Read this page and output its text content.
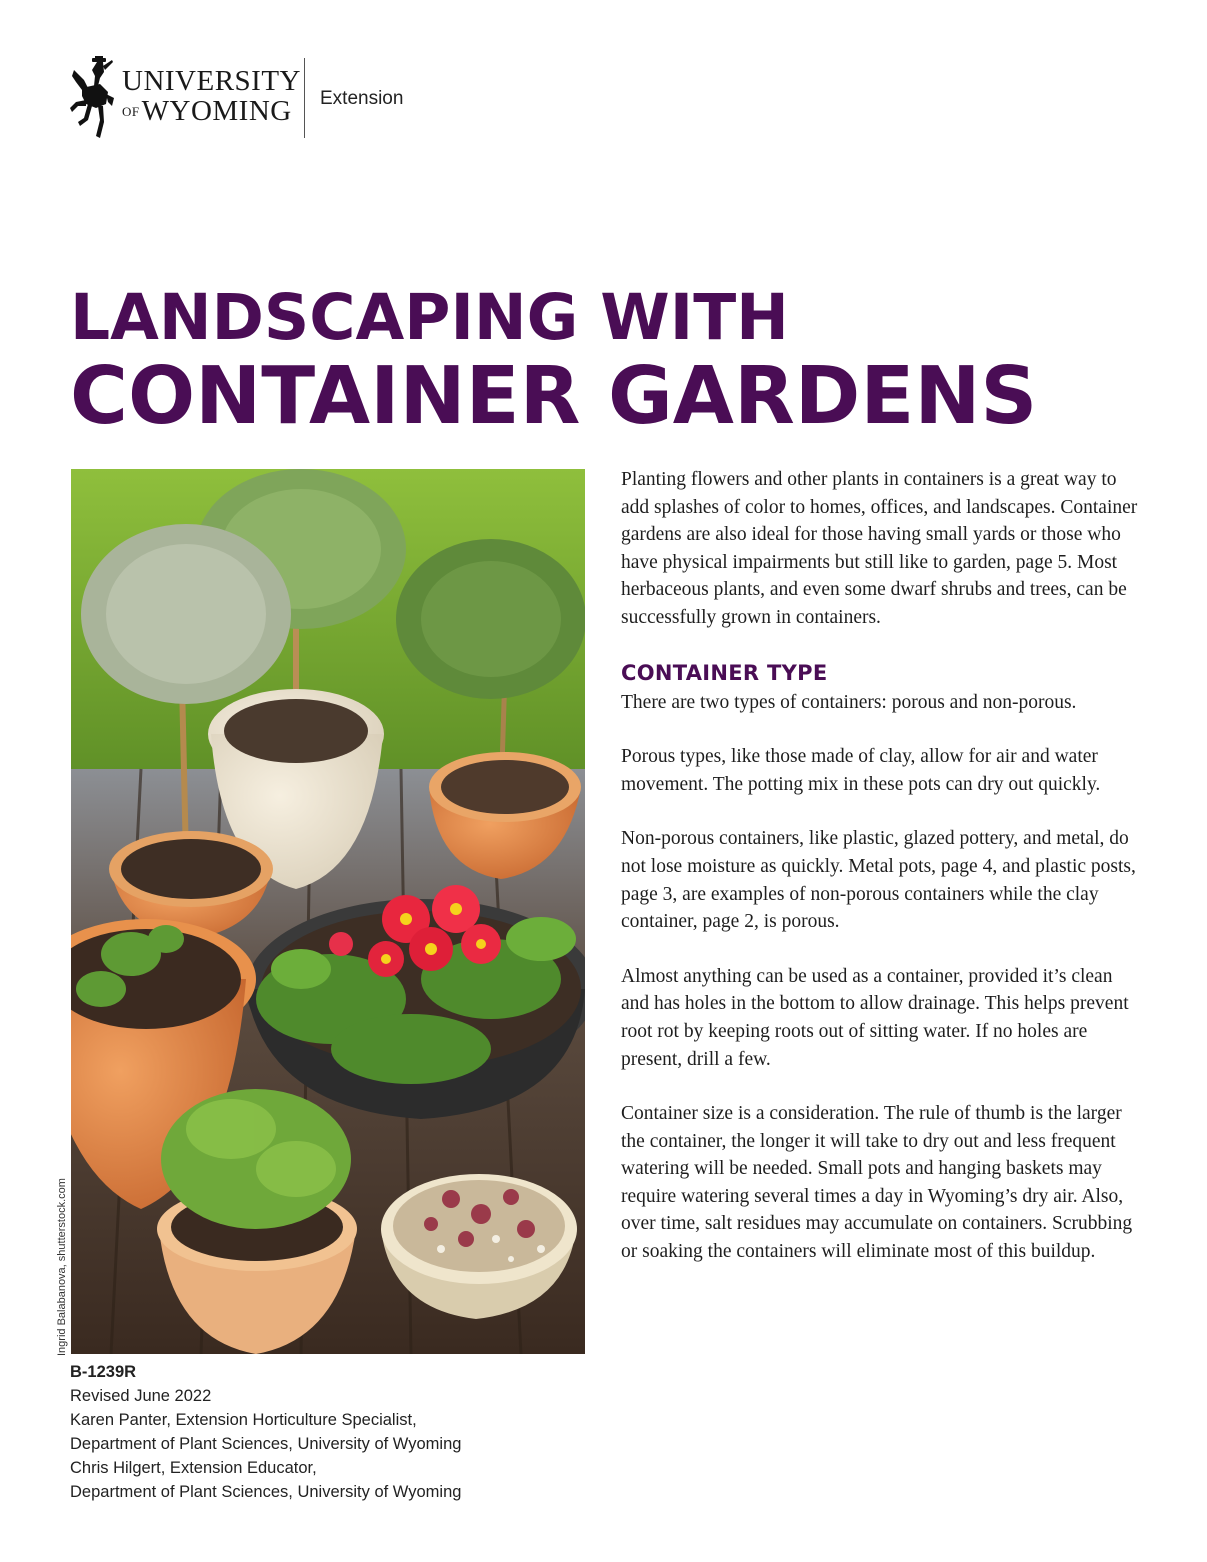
UNIVERSITY
OFWYOMING	Extension
LANDSCAPING WITH
CONTAINER GARDENS
Ingrid Balabanova, shutterstock.com
B-1239R
Revised June 2022
Karen Panter, Extension Horticulture Specialist,
Department of Plant Sciences, University of Wyoming
Chris Hilgert, Extension Educator,
Department of Plant Sciences, University of Wyoming

Planting flowers and other plants in containers is a great way to add splashes of color to homes, offices, and landscapes. Container gardens are also ideal for those having small yards or those who have physical impairments but still like to garden, page 5. Most herbaceous plants, and even some dwarf shrubs and trees, can be successfully grown in containers.

CONTAINER TYPE

There are two types of containers: porous and non-porous.

Porous types, like those made of clay, allow for air and water movement. The potting mix in these pots can dry out quickly.

Non-porous containers, like plastic, glazed pottery, and metal, do not lose moisture as quickly. Metal pots, page 4, and plastic posts, page 3, are examples of non-porous containers while the clay container, page 2, is porous.

Almost anything can be used as a container, provided it’s clean and has holes in the bottom to allow drainage. This helps prevent root rot by keeping roots out of sitting water. If no holes are present, drill a few.

Container size is a consideration. The rule of thumb is the larger the container, the longer it will take to dry out and less frequent watering will be needed. Small pots and hanging baskets may require watering several times a day in Wyoming’s dry air. Also, over time, salt residues may accumulate on containers. Scrubbing or soaking the containers will eliminate most of this buildup.
